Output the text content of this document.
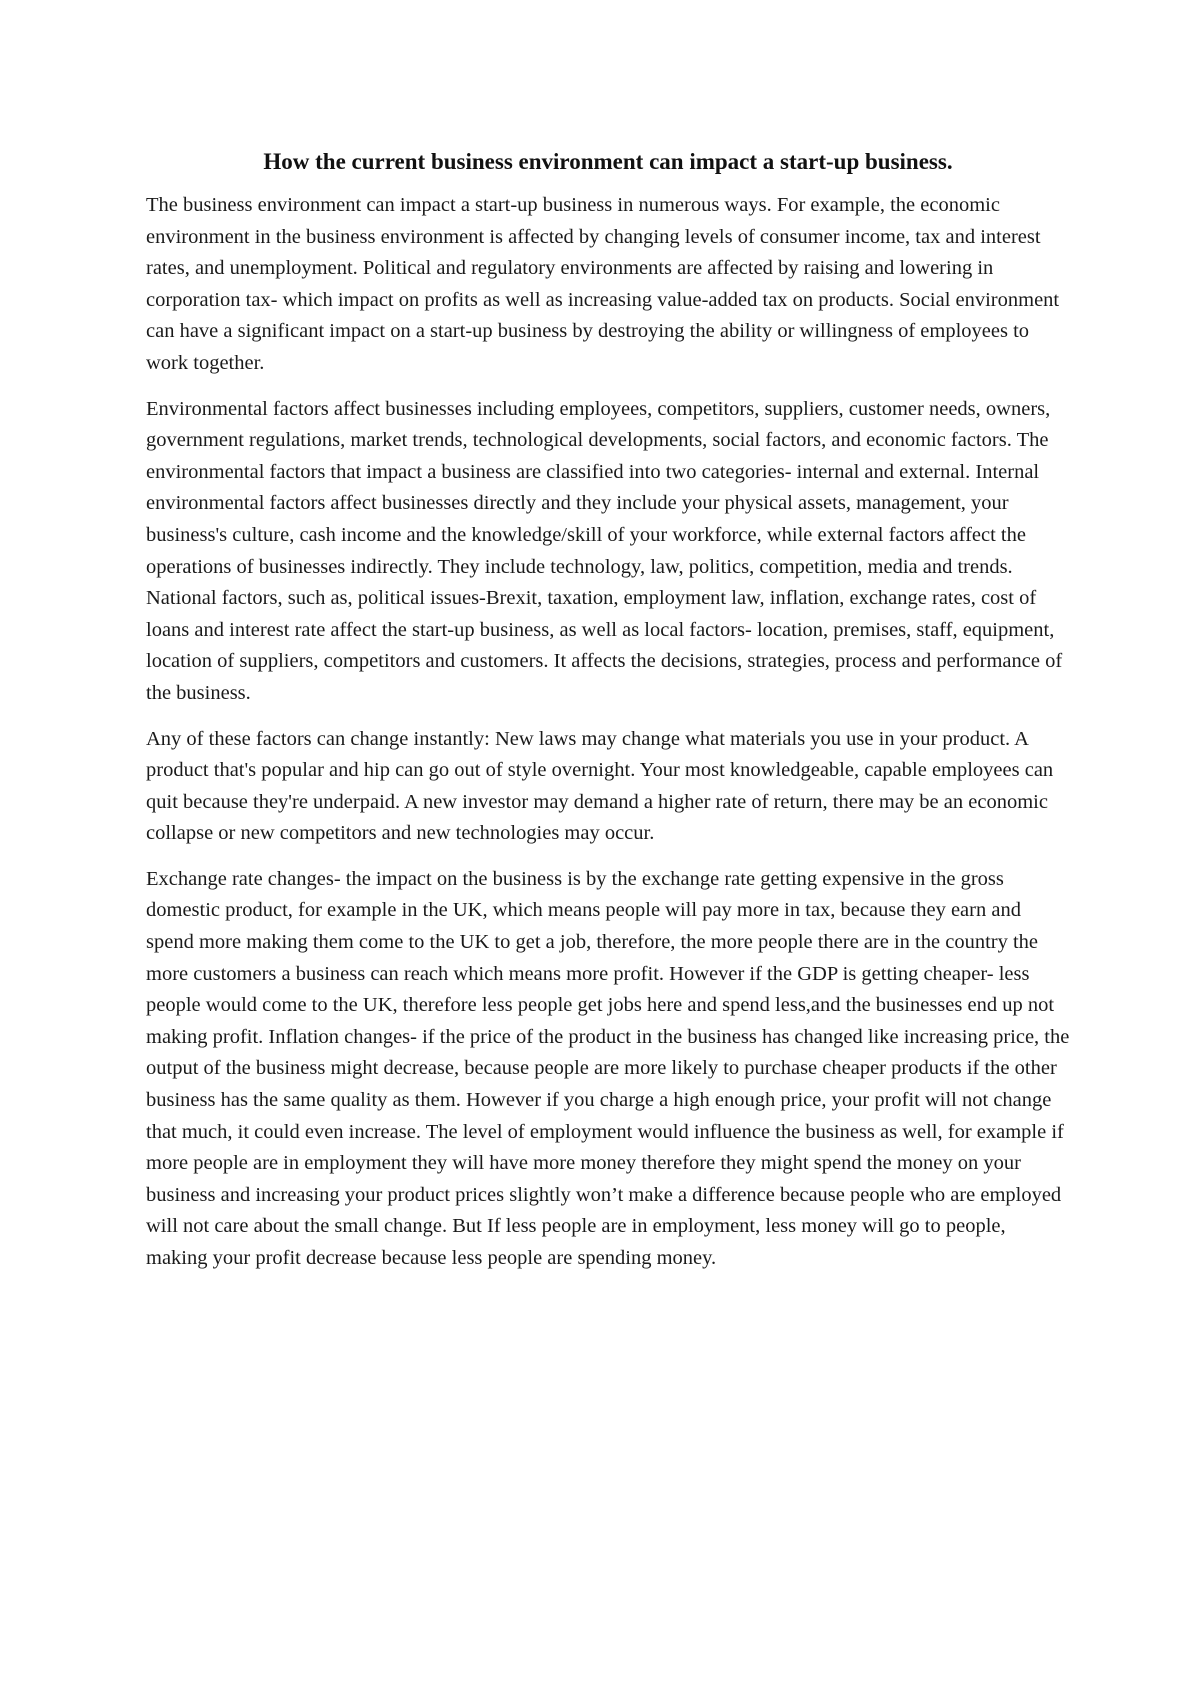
How the current business environment can impact a start-up business.

The business environment can impact a start-up business in numerous ways. For example, the economic environment in the business environment is affected by changing levels of consumer income, tax and interest rates, and unemployment. Political and regulatory environments are affected by raising and lowering in corporation tax- which impact on profits as well as increasing value-added tax on products. Social environment can have a significant impact on a start-up business by destroying the ability or willingness of employees to work together.

Environmental factors affect businesses including employees, competitors, suppliers, customer needs, owners, government regulations, market trends, technological developments, social factors, and economic factors. The environmental factors that impact a business are classified into two categories- internal and external. Internal environmental factors affect businesses directly and they include your physical assets, management, your business's culture, cash income and the knowledge/skill of your workforce, while external factors affect the operations of businesses indirectly. They include technology, law, politics, competition, media and trends. National factors, such as, political issues-Brexit, taxation, employment law, inflation, exchange rates, cost of loans and interest rate affect the start-up business, as well as local factors- location, premises, staff, equipment, location of suppliers, competitors and customers. It affects the decisions, strategies, process and performance of the business.

Any of these factors can change instantly: New laws may change what materials you use in your product. A product that's popular and hip can go out of style overnight. Your most knowledgeable, capable employees can quit because they're underpaid. A new investor may demand a higher rate of return, there may be an economic collapse or new competitors and new technologies may occur.

Exchange rate changes- the impact on the business is by the exchange rate getting expensive in the gross domestic product, for example in the UK, which means people will pay more in tax, because they earn and spend more making them come to the UK to get a job, therefore, the more people there are in the country the more customers a business can reach which means more profit. However if the GDP is getting cheaper- less people would come to the UK, therefore less people get jobs here and spend less,and the businesses end up not making profit. Inflation changes- if the price of the product in the business has changed like increasing price, the output of the business might decrease, because people are more likely to purchase cheaper products if the other business has the same quality as them. However if you charge a high enough price, your profit will not change that much, it could even increase. The level of employment would influence the business as well, for example if more people are in employment they will have more money therefore they might spend the money on your business and increasing your product prices slightly won’t make a difference because people who are employed will not care about the small change. But If less people are in employment, less money will go to people, making your profit decrease because less people are spending money.
